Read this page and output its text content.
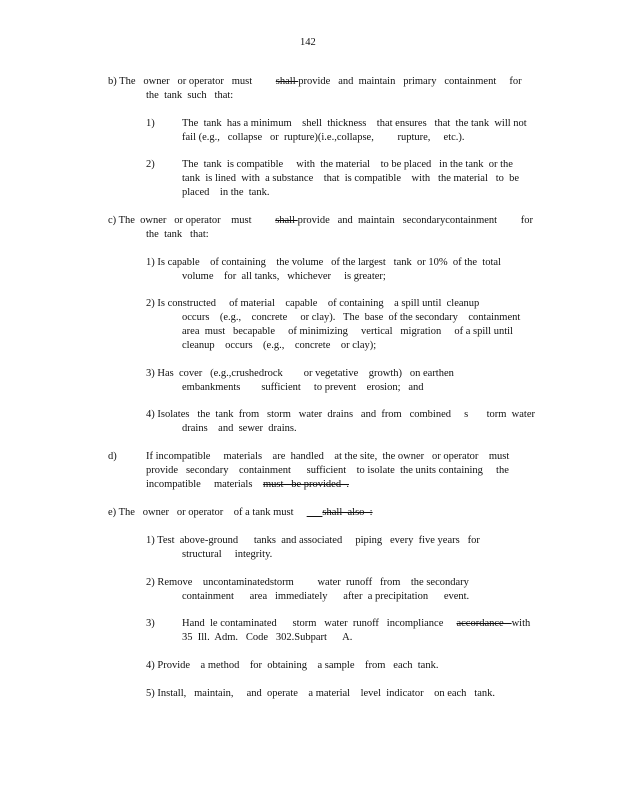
142
b) The   owner   or operator   must         shall provide   and  maintain   primary   containment     for
the  tank  such   that:
1)	The  tank  has a minimum    shell  thickness    that ensures   that  the tank  will not
fail (e.g.,   collapse   or  rupture)(i.e.,collapse,         rupture,     etc.).
2)	The  tank  is compatible     with  the material    to be placed   in the tank  or the
tank  is lined  with  a substance    that  is compatible    with   the material   to  be
placed    in the  tank.
c) The  owner   or operator    must         shall provide   and  maintain   secondarycontainment         for
the  tank   that:
1) Is capable    of containing    the volume   of the largest   tank  or 10%  of the  total
volume    for  all tanks,   whichever     is greater;
2) Is constructed     of material    capable    of containing    a spill until  cleanup
occurs    (e.g.,    concrete     or clay).   The  base  of the secondary    containment
area  must   becapable     of minimizing     vertical   migration     of a spill until
cleanup    occurs    (e.g.,    concrete    or clay);
3) Has  cover   (e.g.,crushedrock        or vegetative    growth)   on earthen
embankments        sufficient     to prevent    erosion;   and
4) Isolates   the  tank  from   storm   water  drains   and  from   combined     s       torm  water
drains    and  sewer  drains.
d)	If incompatible     materials    are  handled    at the site,  the owner   or operator    must
provide   secondary    containment      sufficient    to isolate  the units containing     the
incompatible     materials    must   be provided  .
e) The   owner   or operator    of a tank must           shall  also  :
1) Test  above-ground      tanks  and associated     piping   every  five years   for
structural     integrity.
2) Remove    uncontaminatedstorm         water  runoff   from    the secondary
containment      area   immediately      after  a precipitation      event.
3)	Hand  le contaminated      storm   water  runoff   incompliance     accordance   with
35  Ill.  Adm.   Code   302.Subpart      A.
4) Provide    a method    for  obtaining    a sample    from   each  tank.
5) Install,   maintain,     and  operate    a material    level  indicator    on each   tank.
